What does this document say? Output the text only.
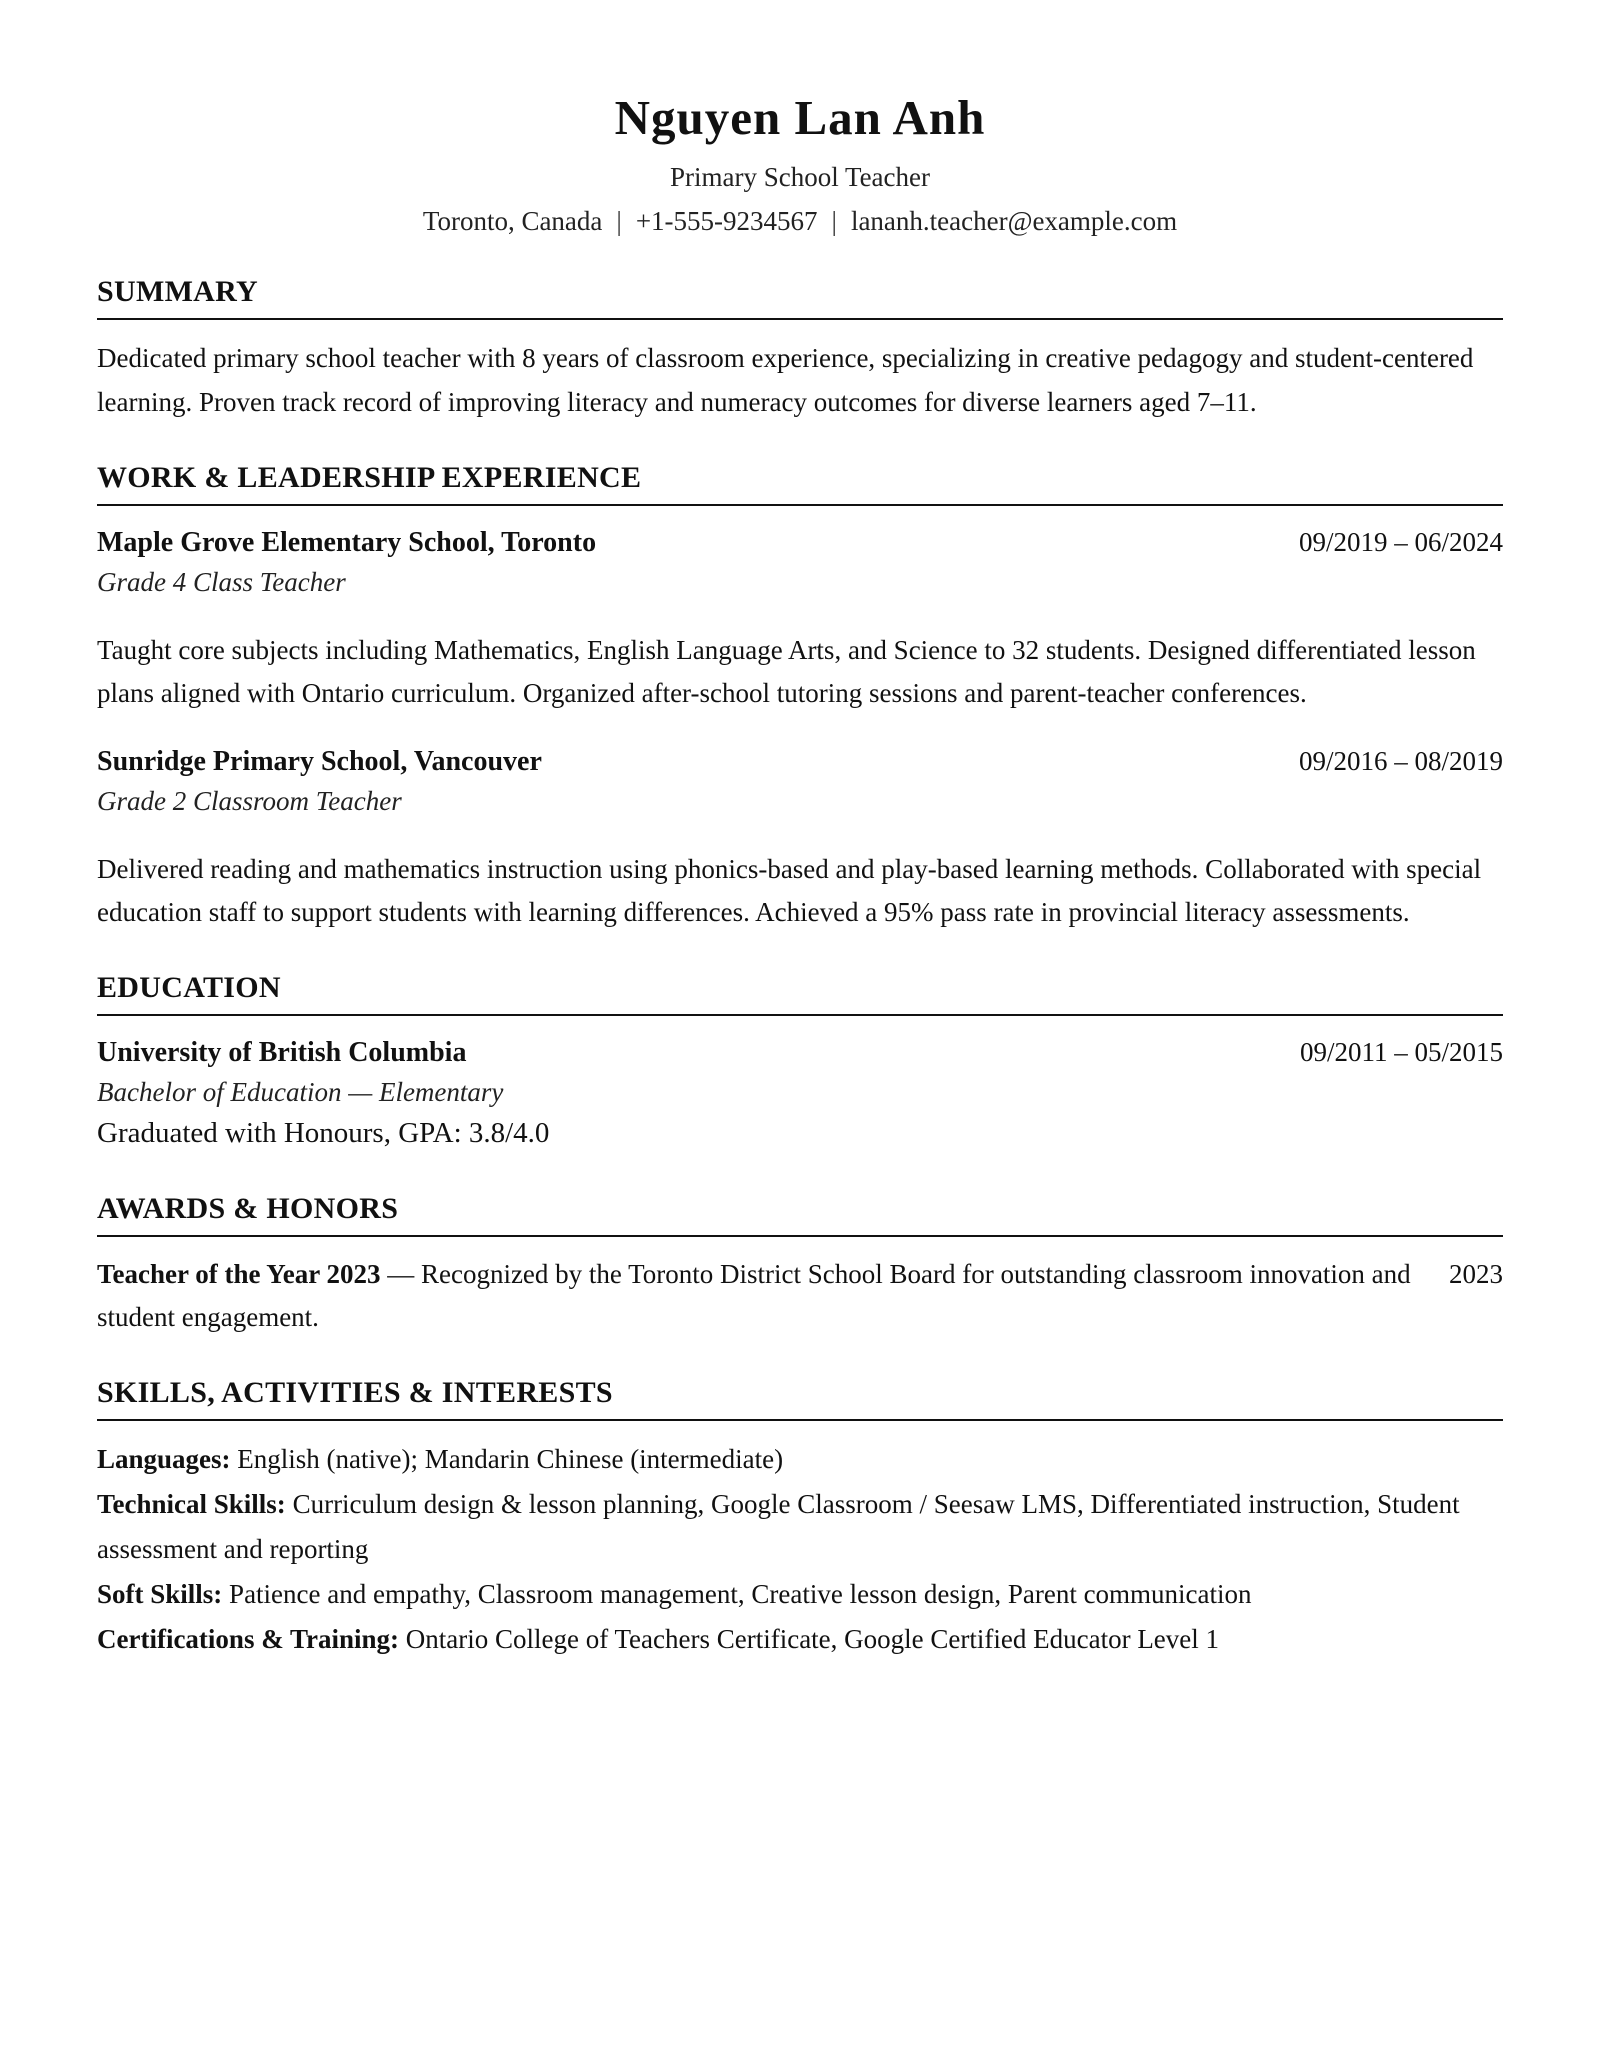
Nguyen Lan Anh
Primary School Teacher
Toronto, Canada | +1-555-9234567 | lananh.teacher@example.com
SUMMARY

Dedicated primary school teacher with 8 years of classroom experience, specializing in creative pedagogy and student-centered learning. Proven track record of improving literacy and numeracy outcomes for diverse learners aged 7–11.

WORK & LEADERSHIP EXPERIENCE
Maple Grove Elementary School, Toronto	09/2019 – 06/2024
Grade 4 Class Teacher
Taught core subjects including Mathematics, English Language Arts, and Science to 32 students. Designed differentiated lesson plans aligned with Ontario curriculum. Organized after-school tutoring sessions and parent-teacher conferences.
Sunridge Primary School, Vancouver	09/2016 – 08/2019
Grade 2 Classroom Teacher
Delivered reading and mathematics instruction using phonics-based and play-based learning methods. Collaborated with special education staff to support students with learning differences. Achieved a 95% pass rate in provincial literacy assessments.
EDUCATION
University of British Columbia	09/2011 – 05/2015
Bachelor of Education — Elementary
Graduated with Honours, GPA: 3.8/4.0
AWARDS & HONORS
Teacher of the Year 2023 — Recognized by the Toronto District School Board for outstanding classroom innovation and student engagement.
2023
SKILLS, ACTIVITIES & INTERESTS
Languages: English (native); Mandarin Chinese (intermediate)
Technical Skills: Curriculum design & lesson planning, Google Classroom / Seesaw LMS, Differentiated instruction, Student assessment and reporting
Soft Skills: Patience and empathy, Classroom management, Creative lesson design, Parent communication
Certifications & Training: Ontario College of Teachers Certificate, Google Certified Educator Level 1
